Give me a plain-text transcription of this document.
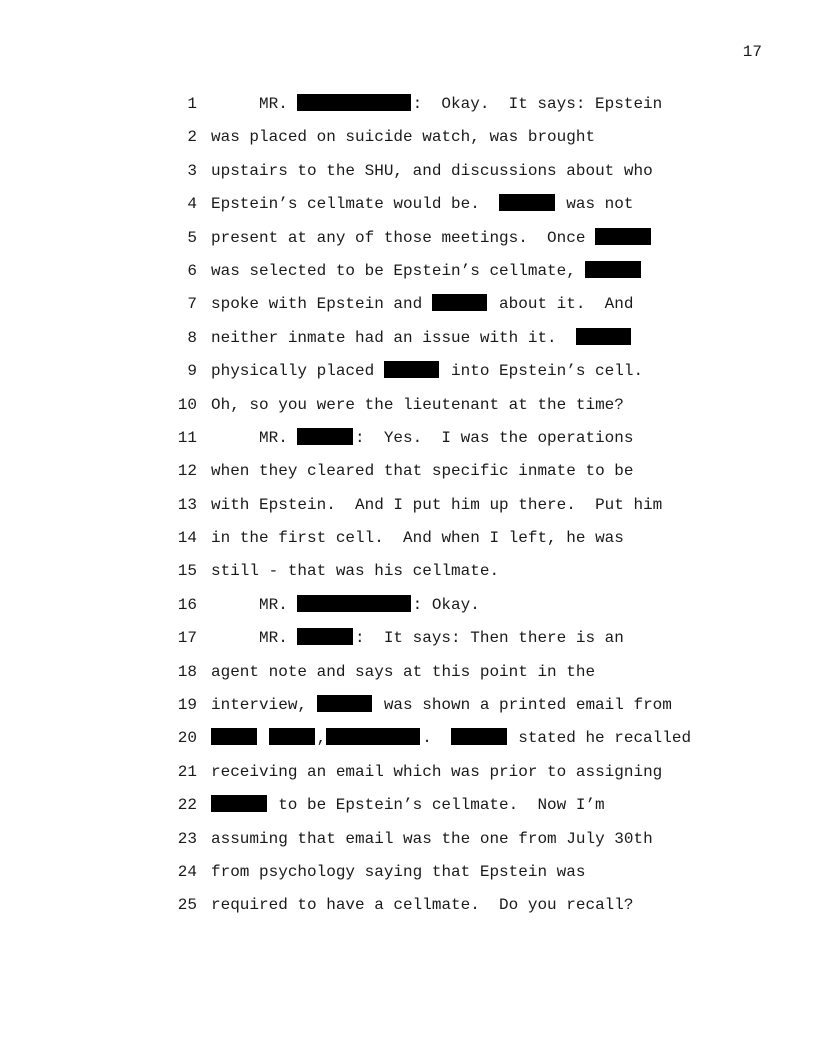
17
1 MR.	:  Okay.  It says: Epstein
2 was placed on suicide watch, was brought
3 upstairs to the SHU, and discussions about who
4 Epstein’s cellmate would be.	was not
5 present at any of those meetings.  Once
6 was selected to be Epstein’s cellmate,
7 spoke with Epstein and	about it.  And
8 neither inmate had an issue with it.
9 physically placed	into Epstein’s cell.
10 Oh, so you were the lieutenant at the time?
11 MR.	:  Yes.  I was the operations
12 when they cleared that specific inmate to be
13 with Epstein.  And I put him up there.  Put him
14 in the first cell.  And when I left, he was
15 still - that was his cellmate.
16 MR.	: Okay.
17 MR.	:  It says: Then there is an
18 agent note and says at this point in the
19 interview,	was shown a printed email from
20	,	.	stated he recalled
21 receiving an email which was prior to assigning
22	to be Epstein’s cellmate.  Now I’m
23 assuming that email was the one from July 30th
24 from psychology saying that Epstein was
25 required to have a cellmate.  Do you recall?
